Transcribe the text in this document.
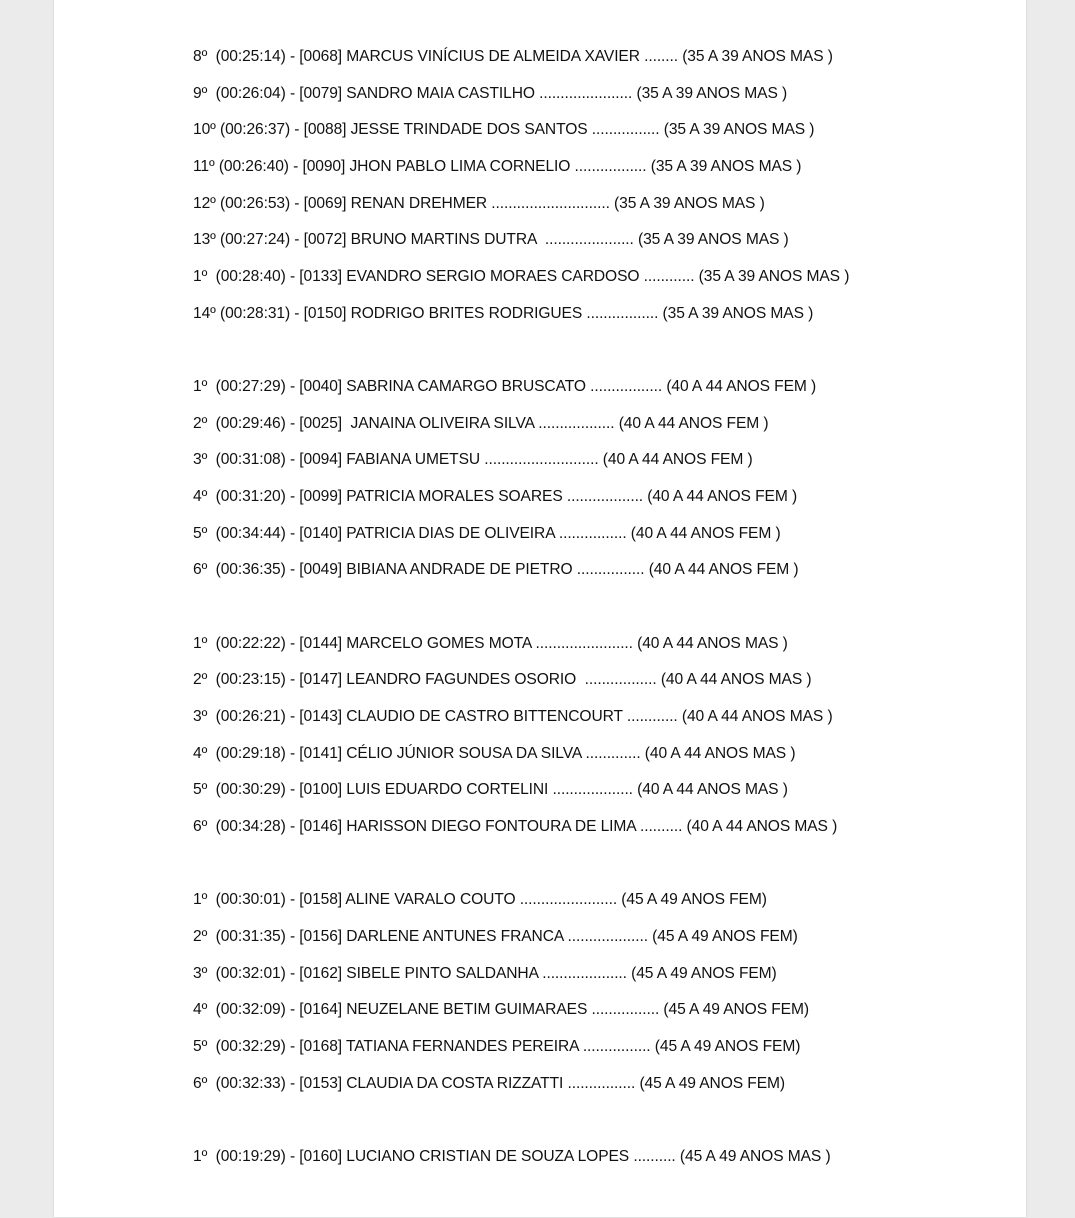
8º  (00:25:14) - [0068] MARCUS VINÍCIUS DE ALMEIDA XAVIER ........ (35 A 39 ANOS MAS )
9º  (00:26:04) - [0079] SANDRO MAIA CASTILHO ...................... (35 A 39 ANOS MAS )
10º (00:26:37) - [0088] JESSE TRINDADE DOS SANTOS ................ (35 A 39 ANOS MAS )
11º (00:26:40) - [0090] JHON PABLO LIMA CORNELIO ................. (35 A 39 ANOS MAS )
12º (00:26:53) - [0069] RENAN DREHMER ............................ (35 A 39 ANOS MAS )
13º (00:27:24) - [0072] BRUNO MARTINS DUTRA  ..................... (35 A 39 ANOS MAS )
1º  (00:28:40) - [0133] EVANDRO SERGIO MORAES CARDOSO ............ (35 A 39 ANOS MAS )
14º (00:28:31) - [0150] RODRIGO BRITES RODRIGUES ................. (35 A 39 ANOS MAS )
1º  (00:27:29) - [0040] SABRINA CAMARGO BRUSCATO ................. (40 A 44 ANOS FEM )
2º  (00:29:46) - [0025]  JANAINA OLIVEIRA SILVA .................. (40 A 44 ANOS FEM )
3º  (00:31:08) - [0094] FABIANA UMETSU ........................... (40 A 44 ANOS FEM )
4º  (00:31:20) - [0099] PATRICIA MORALES SOARES .................. (40 A 44 ANOS FEM )
5º  (00:34:44) - [0140] PATRICIA DIAS DE OLIVEIRA ................ (40 A 44 ANOS FEM )
6º  (00:36:35) - [0049] BIBIANA ANDRADE DE PIETRO ................ (40 A 44 ANOS FEM )
1º  (00:22:22) - [0144] MARCELO GOMES MOTA ....................... (40 A 44 ANOS MAS )
2º  (00:23:15) - [0147] LEANDRO FAGUNDES OSORIO  ................. (40 A 44 ANOS MAS )
3º  (00:26:21) - [0143] CLAUDIO DE CASTRO BITTENCOURT ............ (40 A 44 ANOS MAS )
4º  (00:29:18) - [0141] CÉLIO JÚNIOR SOUSA DA SILVA ............. (40 A 44 ANOS MAS )
5º  (00:30:29) - [0100] LUIS EDUARDO CORTELINI ................... (40 A 44 ANOS MAS )
6º  (00:34:28) - [0146] HARISSON DIEGO FONTOURA DE LIMA .......... (40 A 44 ANOS MAS )
1º  (00:30:01) - [0158] ALINE VARALO COUTO ....................... (45 A 49 ANOS FEM)
2º  (00:31:35) - [0156] DARLENE ANTUNES FRANCA ................... (45 A 49 ANOS FEM)
3º  (00:32:01) - [0162] SIBELE PINTO SALDANHA .................... (45 A 49 ANOS FEM)
4º  (00:32:09) - [0164] NEUZELANE BETIM GUIMARAES ................ (45 A 49 ANOS FEM)
5º  (00:32:29) - [0168] TATIANA FERNANDES PEREIRA ................ (45 A 49 ANOS FEM)
6º  (00:32:33) - [0153] CLAUDIA DA COSTA RIZZATTI ................ (45 A 49 ANOS FEM)
1º  (00:19:29) - [0160] LUCIANO CRISTIAN DE SOUZA LOPES .......... (45 A 49 ANOS MAS )
